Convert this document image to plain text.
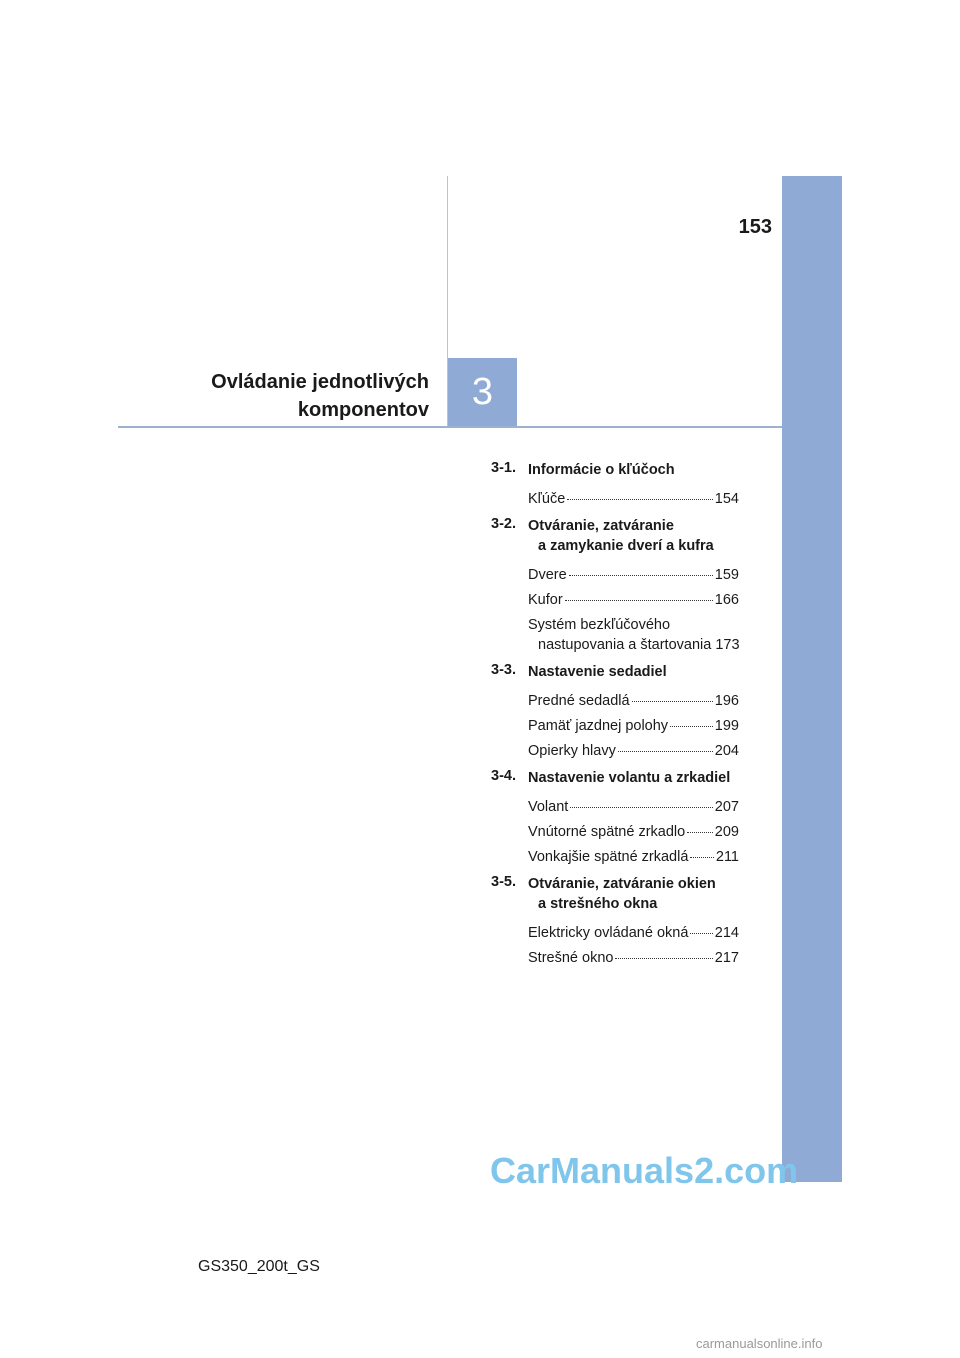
153
Ovládanie jednotlivých
komponentov	3
3-1. Informácie o kľúčoch
Kľúče	154
3-2. Otváranie, zatváranie
a zamykanie dverí a kufra
Dvere	159
Kufor	166
Systém bezkľúčového
nastupovania a štartovania 173
3-3. Nastavenie sedadiel
Predné sedadlá	196
Pamäť jazdnej polohy	199
Opierky hlavy	204
3-4. Nastavenie volantu a zrkadiel
Volant	207
Vnútorné spätné zrkadlo 209
Vonkajšie spätné zrkadlá 211
3-5. Otváranie, zatváranie okien
a strešného okna
Elektricky ovládané okná 214
Strešné okno	217
CarManuals2.com
GS350_200t_GS
carmanualsonline.info
